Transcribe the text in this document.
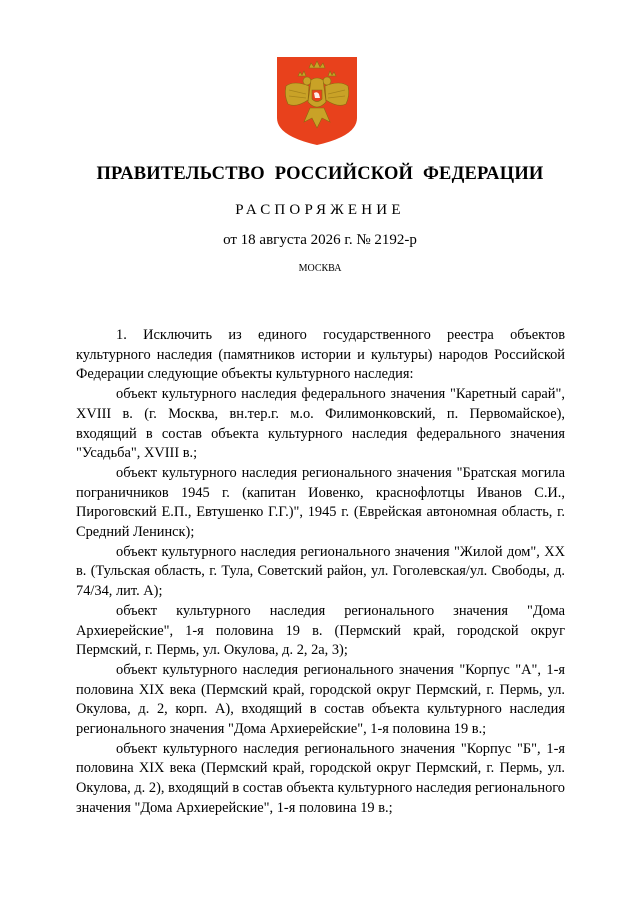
ПРАВИТЕЛЬСТВО РОССИЙСКОЙ ФЕДЕРАЦИИ
РАСПОРЯЖЕНИЕ
от 18 августа 2026 г. № 2192-р
МОСКВА

1. Исключить из единого государственного реестра объектов культурного наследия (памятников истории и культуры) народов Российской Федерации следующие объекты культурного наследия:

объект культурного наследия федерального значения "Каретный сарай", XVIII в. (г. Москва, вн.тер.г. м.о. Филимонковский, п. Первомайское), входящий в состав объекта культурного наследия федерального значения "Усадьба", XVIII в.;

объект культурного наследия регионального значения "Братская могила пограничников 1945 г. (капитан Иовенко, краснофлотцы Иванов С.И., Пироговский Е.П., Евтушенко Г.Г.)", 1945 г. (Еврейская автономная область, г. Средний Ленинск);

объект культурного наследия регионального значения "Жилой дом", XX в. (Тульская область, г. Тула, Советский район, ул. Гоголевская/ул. Свободы, д. 74/34, лит. А);

объект культурного наследия регионального значения "Дома Архиерейские", 1-я половина 19 в. (Пермский край, городской округ Пермский, г. Пермь, ул. Окулова, д. 2, 2а, 3);

объект культурного наследия регионального значения "Корпус "А", 1-я половина XIX века (Пермский край, городской округ Пермский, г. Пермь, ул. Окулова, д. 2, корп. А), входящий в состав объекта культурного наследия регионального значения "Дома Архиерейские", 1-я половина 19 в.;

объект культурного наследия регионального значения "Корпус "Б", 1-я половина XIX века (Пермский край, городской округ Пермский, г. Пермь, ул. Окулова, д. 2), входящий в состав объекта культурного наследия регионального значения "Дома Архиерейские", 1-я половина 19 в.;
